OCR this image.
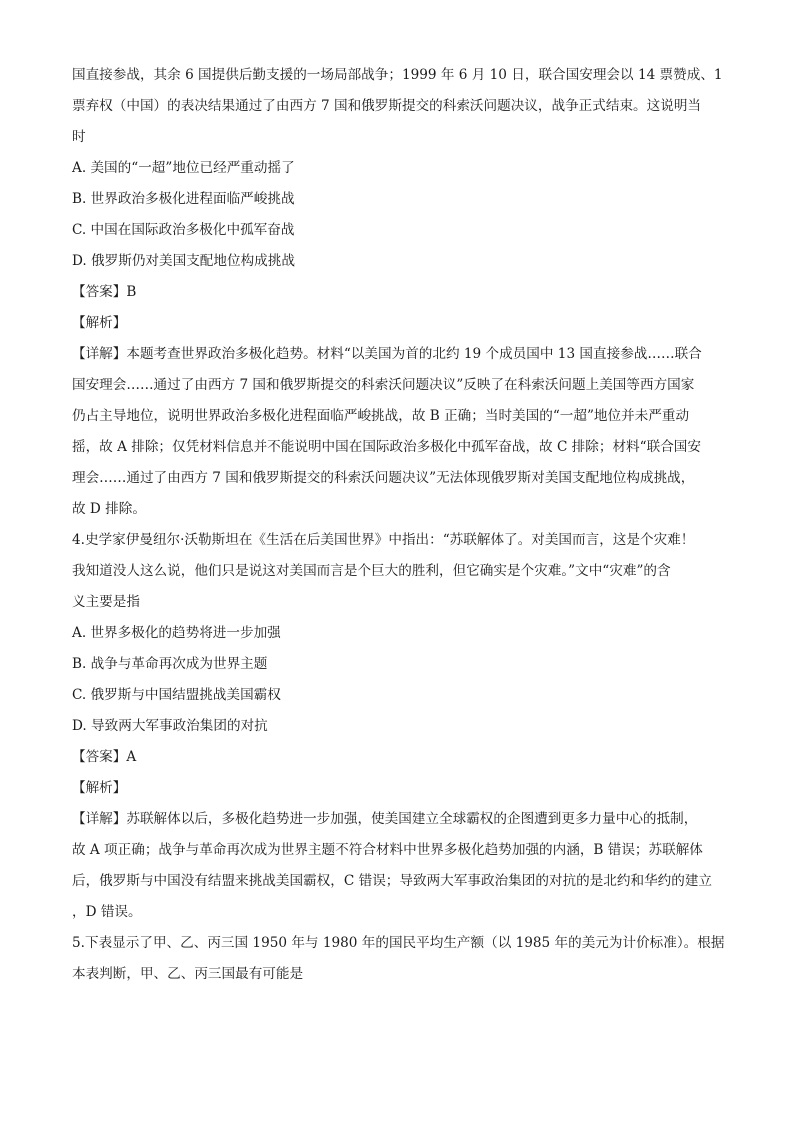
国直接参战，其余 6 国提供后勤支援的一场局部战争；1999 年 6 月 10 日，联合国安理会以 14 票赞成、1

票弃权（中国）的表决结果通过了由西方 7 国和俄罗斯提交的科索沃问题决议，战争正式结束。这说明当

时

A. 美国的“一超”地位已经严重动摇了

B. 世界政治多极化进程面临严峻挑战

C. 中国在国际政治多极化中孤军奋战

D. 俄罗斯仍对美国支配地位构成挑战

【答案】B

【解析】

【详解】本题考查世界政治多极化趋势。材料“以美国为首的北约 19 个成员国中 13 国直接参战……联合

国安理会……通过了由西方 7 国和俄罗斯提交的科索沃问题决议”反映了在科索沃问题上美国等西方国家

仍占主导地位，说明世界政治多极化进程面临严峻挑战，故 B 正确；当时美国的“一超”地位并未严重动

摇，故 A 排除；仅凭材料信息并不能说明中国在国际政治多极化中孤军奋战，故 C 排除；材料“联合国安

理会……通过了由西方 7 国和俄罗斯提交的科索沃问题决议”无法体现俄罗斯对美国支配地位构成挑战，

故 D 排除。

4.史学家伊曼纽尔·沃勒斯坦在《生活在后美国世界》中指出：“苏联解体了。对美国而言，这是个灾难！

我知道没人这么说，他们只是说这对美国而言是个巨大的胜利，但它确实是个灾难。”文中“灾难”的含

义主要是指

A. 世界多极化的趋势将进一步加强

B. 战争与革命再次成为世界主题

C. 俄罗斯与中国结盟挑战美国霸权

D. 导致两大军事政治集团的对抗

【答案】A

【解析】

【详解】苏联解体以后，多极化趋势进一步加强，使美国建立全球霸权的企图遭到更多力量中心的抵制，

故 A 项正确；战争与革命再次成为世界主题不符合材料中世界多极化趋势加强的内涵，B 错误；苏联解体

后，俄罗斯与中国没有结盟来挑战美国霸权，C 错误；导致两大军事政治集团的对抗的是北约和华约的建立

，D 错误。

5.下表显示了甲、乙、丙三国 1950 年与 1980 年的国民平均生产额（以 1985 年的美元为计价标准）。根据

本表判断，甲、乙、丙三国最有可能是
